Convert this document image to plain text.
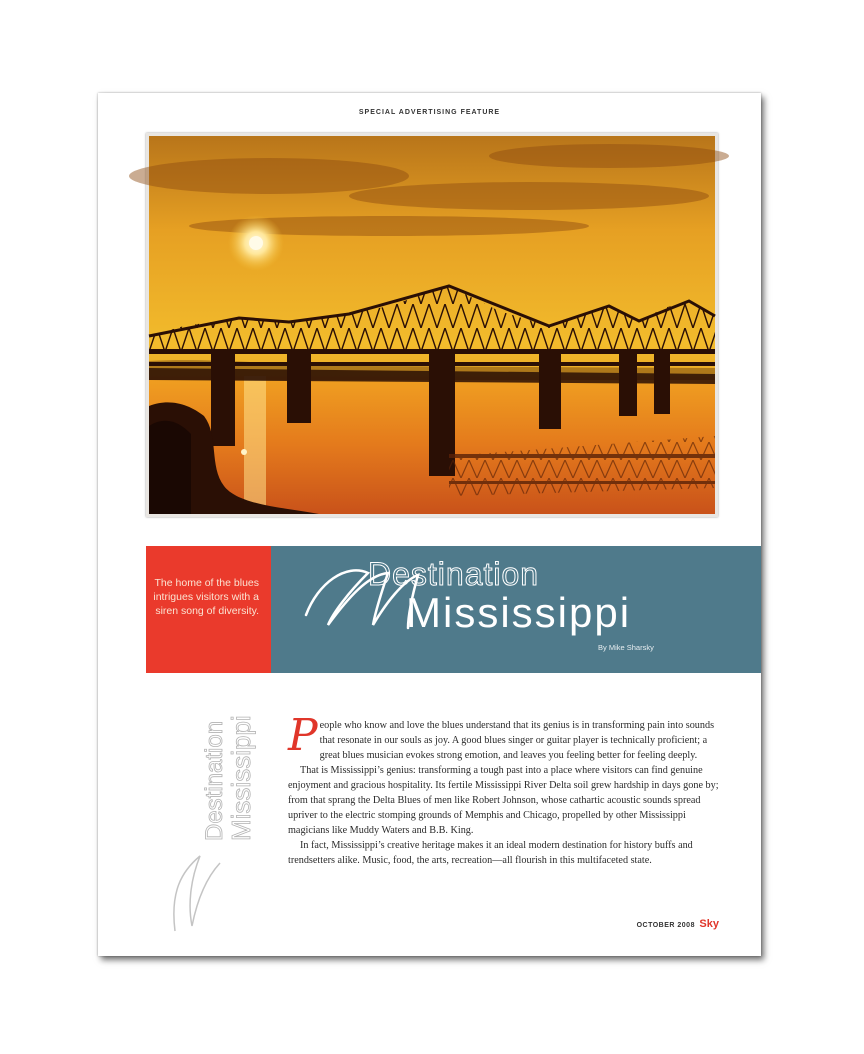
SPECIAL ADVERTISING FEATURE

The home of the blues intrigues visitors with a siren song of diversity.

Destination
Mississippi
By Mike Sharsky
Destination
Mississippi People who know and love the blues understand that its genius is in transforming pain into sounds that resonate in our souls as joy. A good blues singer or guitar player is technically proficient; a great blues musician evokes strong emotion, and leaves you feeling better for feeling deeply.

That is Mississippi’s genius: transforming a tough past into a place where visitors can find genuine enjoyment and gracious hospitality. Its fertile Mississippi River Delta soil grew hardship in days gone by; from that sprang the Delta Blues of men like Robert Johnson, whose cathartic acoustic sounds spread upriver to the electric stomping grounds of Memphis and Chicago, propelled by other Mississippi magicians like Muddy Waters and B.B. King.

In fact, Mississippi’s creative heritage makes it an ideal modern destination for history buffs and trendsetters alike. Music, food, the arts, recreation—all flourish in this multifaceted state.

OCTOBER 2008 Sky
